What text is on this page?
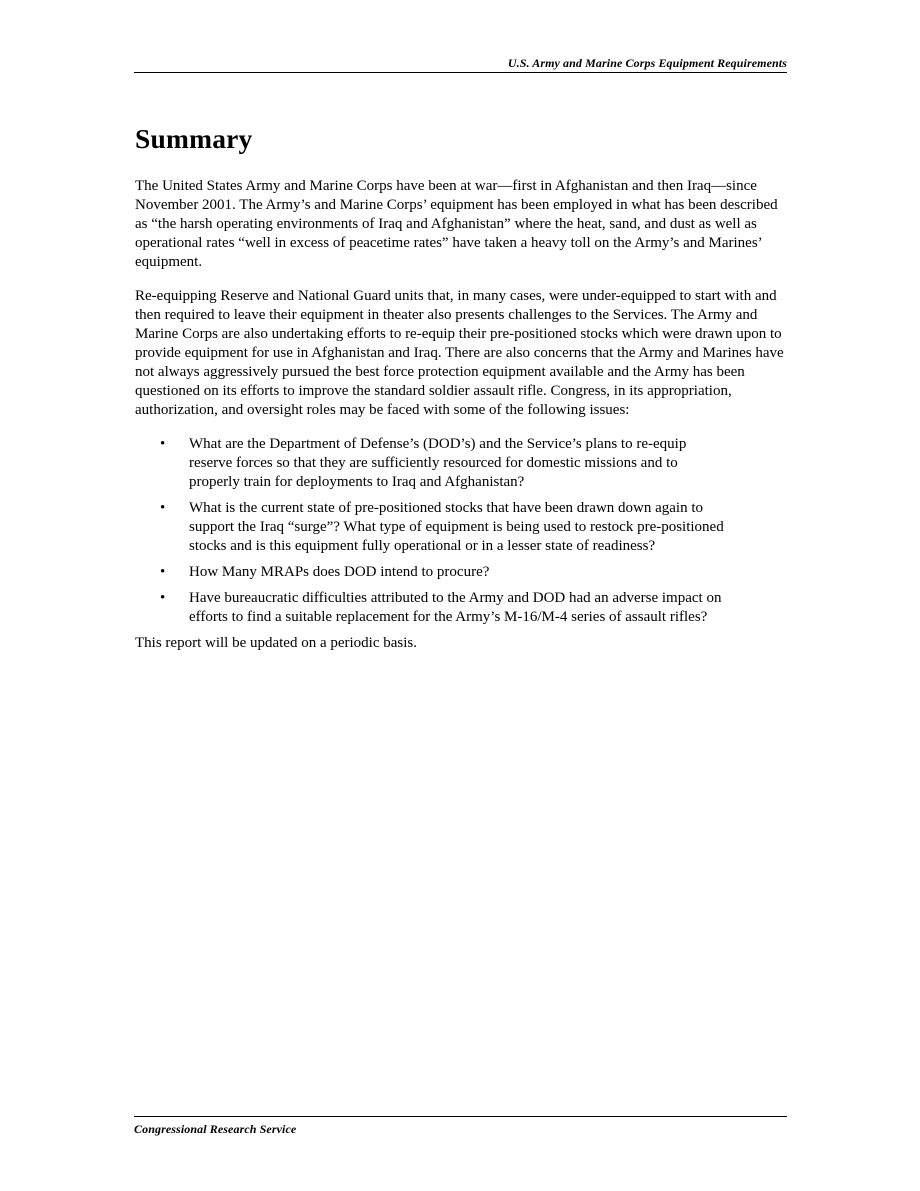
U.S. Army and Marine Corps Equipment Requirements
Summary

The United States Army and Marine Corps have been at war—first in Afghanistan and then Iraq—since November 2001. The Army’s and Marine Corps’ equipment has been employed in what has been described as “the harsh operating environments of Iraq and Afghanistan” where the heat, sand, and dust as well as operational rates “well in excess of peacetime rates” have taken a heavy toll on the Army’s and Marines’ equipment.

Re-equipping Reserve and National Guard units that, in many cases, were under-equipped to start with and then required to leave their equipment in theater also presents challenges to the Services. The Army and Marine Corps are also undertaking efforts to re-equip their pre-positioned stocks which were drawn upon to provide equipment for use in Afghanistan and Iraq. There are also concerns that the Army and Marines have not always aggressively pursued the best force protection equipment available and the Army has been questioned on its efforts to improve the standard soldier assault rifle. Congress, in its appropriation, authorization, and oversight roles may be faced with some of the following issues:

• What are the Department of Defense’s (DOD’s) and the Service’s plans to re-equip reserve forces so that they are sufficiently resourced for domestic missions and to properly train for deployments to Iraq and Afghanistan?
• What is the current state of pre-positioned stocks that have been drawn down again to support the Iraq “surge”? What type of equipment is being used to restock pre-positioned stocks and is this equipment fully operational or in a lesser state of readiness?
• How Many MRAPs does DOD intend to procure?
• Have bureaucratic difficulties attributed to the Army and DOD had an adverse impact on efforts to find a suitable replacement for the Army’s M-16/M-4 series of assault rifles?

This report will be updated on a periodic basis.

Congressional Research Service
